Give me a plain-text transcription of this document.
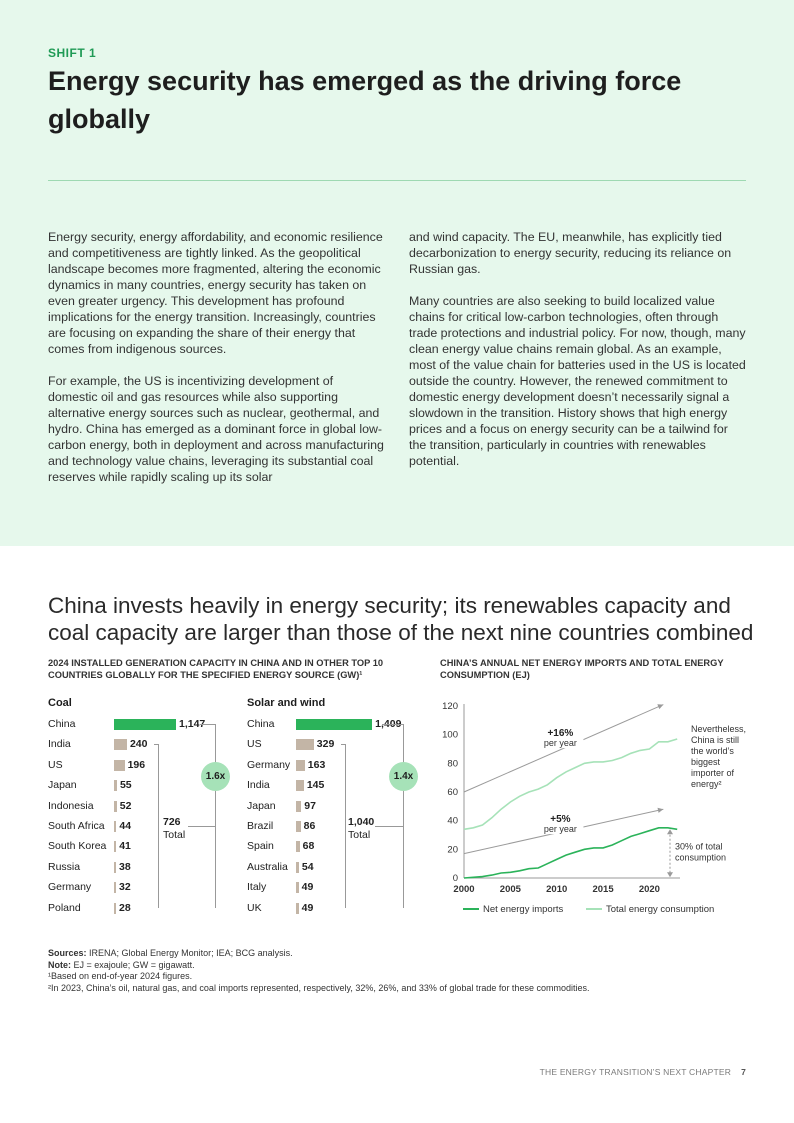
SHIFT 1
Energy security has emerged as the driving force globally

Energy security, energy affordability, and economic resilience and competitiveness are tightly linked. As the geopolitical landscape becomes more fragmented, altering the economic dynamics in many countries, energy security has taken on even greater urgency. This development has profound implications for the energy transition. Increasingly, countries are focusing on expanding the share of their energy that comes from indigenous sources.

For example, the US is incentivizing development of domestic oil and gas resources while also supporting alternative energy sources such as nuclear, geothermal, and hydro. China has emerged as a dominant force in global low-carbon energy, both in deployment and across manufacturing and technology value chains, leveraging its substantial coal reserves while rapidly scaling up its solar

and wind capacity. The EU, meanwhile, has explicitly tied decarbonization to energy security, reducing its reliance on Russian gas.

Many countries are also seeking to build localized value chains for critical low-carbon technologies, often through trade protections and industrial policy. For now, though, many clean energy value chains remain global. As an example, most of the value chain for batteries used in the US is located outside the country. However, the renewed commitment to domestic energy development doesn’t necessarily signal a slowdown in the transition. History shows that high energy prices and a focus on energy security can be a tailwind for the transition, particularly in countries with renewables potential.

China invests heavily in energy security; its renewables capacity and coal capacity are larger than those of the next nine countries combined
2024 INSTALLED GENERATION CAPACITY IN CHINA AND IN OTHER TOP 10 COUNTRIES GLOBALLY FOR THE SPECIFIED ENERGY SOURCE (GW)¹
Coal
China	1,147
India	240
US	196
Japan	55
Indonesia	52
South Africa 44
South Korea 41
Russia	38
Germany	32
Poland	28
1.6x
726
Total
Solar and wind
China	1,409
US	329
Germany 163
India	145
Japan	97
Brazil	86
Spain	68
Australia 54
Italy	49
UK	49
1.4x
1,040
Total
CHINA’S ANNUAL NET ENERGY IMPORTS AND TOTAL ENERGY CONSUMPTION (EJ)
0
20
40
60
80
100
120
2000	2005	2010	2015	2020
+16%
per year
+5%
per year
30% of total
consumption
Nevertheless,
China is still
the world’s
biggest
importer of
energy²
Net energy imports	Total energy consumption
Sources: IRENA; Global Energy Monitor; IEA; BCG analysis.
Note: EJ = exajoule; GW = gigawatt.
¹Based on end-of-year 2024 figures.
²In 2023, China’s oil, natural gas, and coal imports represented, respectively, 32%, 26%, and 33% of global trade for these commodities.
THE ENERGY TRANSITION’S NEXT CHAPTER 7
